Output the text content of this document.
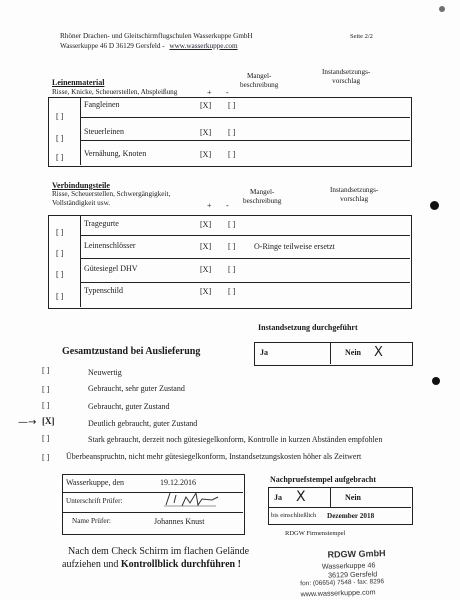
Rhöner Drachen- und Gleitschirmflugschulen Wasserkuppe GmbH
Wasserkuppe 46 D 36129 Gersfeld - www.wasserkuppe.com
Seite 2/2
Leinenmaterial
Risse, Knicke, Scheuerstellen, Abspleißung	+ -
Mangel-
beschreibung
Instandsetzungs-
vorschlag
[ ]
Fangleinen	[X] [ ]
[ ]
Steuerleinen	[X] [ ]
[ ]	Vernähung, Knoten	[X] [ ]
Verbindungsteile
Risse, Scheuerstellen, Schwergängigkeit,
Vollständigkeit usw.	+ -
Mangel-
beschreibung
Instandsetzungs-
vorschlag
[ ]
Tragegurte	[X] [ ]
[ ]
Leinenschlösser	[X] [ ] O-Ringe teilweise ersetzt
[ ]
Gütesiegel DHV	[X] [ ]
[ ]
Typenschild	[X] [ ]
Instandsetzung durchgeführt
Ja	Nein X
Gesamtzustand bei Auslieferung
[ ]	Neuwertig
[ ]	Gebraucht, sehr guter Zustand
[ ]	Gebraucht, guter Zustand
—→ [X]	Deutlich gebraucht, guter Zustand
[ ]	Stark gebraucht, derzeit noch gütesiegelkonform, Kontrolle in kurzen Abständen empfohlen
[ ] Überbeanspruchtn, nicht mehr gütesiegelkonform, Instandsetzungskosten höher als Zeitwert
Wasserkuppe, den	19.12.2016
Unterschrift Prüfer:
Name Prüfer:	Johannes Knust
Nachpruefstempel aufgebracht
Ja X	Nein
bis einschließlich Dezember 2018
RDGW Firmenstempel
Nach dem Check Schirm im flachen Gelände
aufziehen und Kontrollblick durchführen !
RDGW GmbH
Wasserkuppe 46
36129 Gersfeld
fon: (06654) 7548 - fax: 8296
www.wasserkuppe.com
